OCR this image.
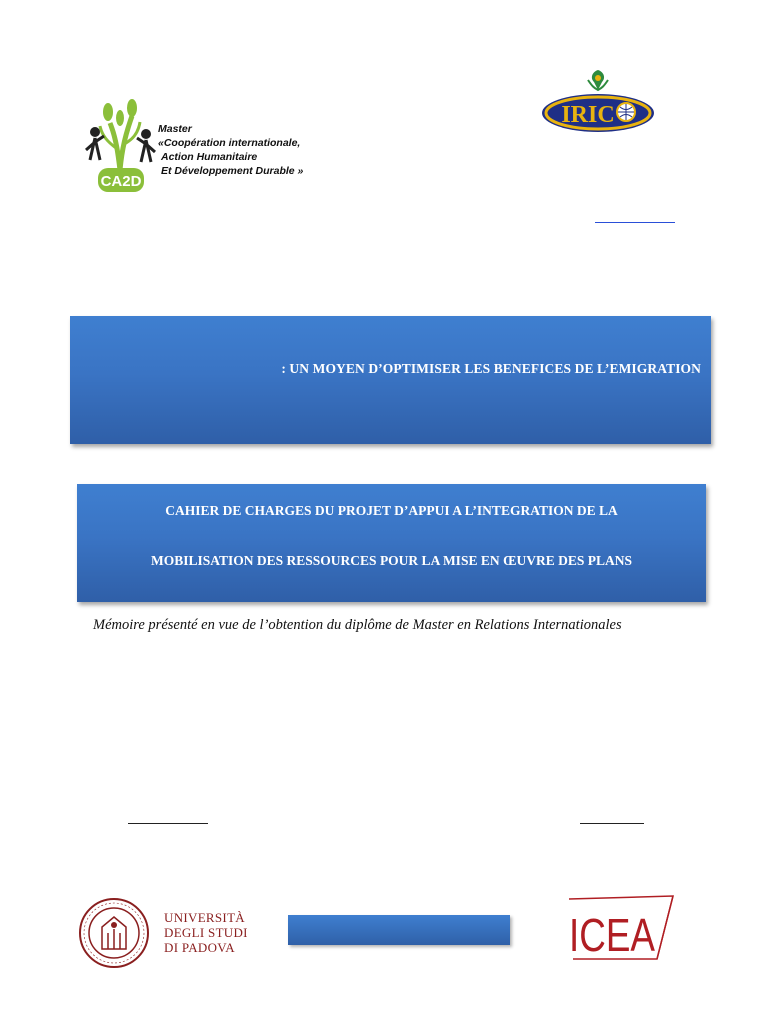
CA2D
Master
«Coopération internationale,
Action Humanitaire
Et Développement Durable »
IRIC
: UN MOYEN D’OPTIMISER LES BENEFICES DE L’EMIGRATION
CAHIER DE CHARGES DU PROJET D’APPUI A L’INTEGRATION DE LA
MOBILISATION DES RESSOURCES POUR LA MISE EN ŒUVRE DES PLANS
Mémoire présenté en vue de l’obtention du diplôme de Master en Relations Internationales
UNIVERSITÀ
DEGLI STUDI
DI PADOVA	ICEA
